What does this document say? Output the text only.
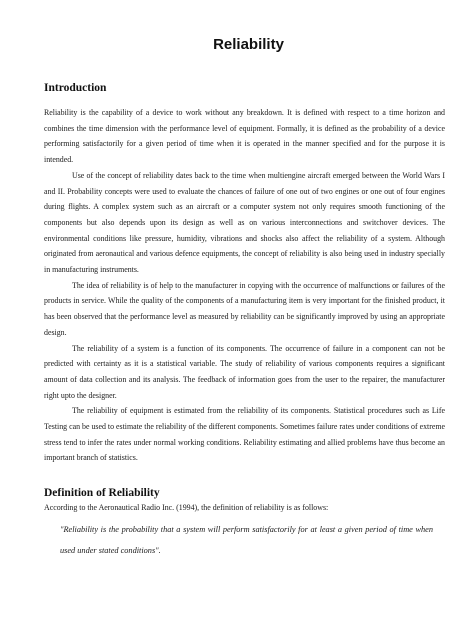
Reliability
Introduction

Reliability is the capability of a device to work without any breakdown. It is defined with respect to a time horizon and combines the time dimension with the performance level of equipment. Formally, it is defined as the probability of a device performing satisfactorily for a given period of time when it is operated in the manner specified and for the purpose it is intended.

Use of the concept of reliability dates back to the time when multiengine aircraft emerged between the World Wars I and II. Probability concepts were used to evaluate the chances of failure of one out of two engines or one out of four engines during flights. A complex system such as an aircraft or a computer system not only requires smooth functioning of the components but also depends upon its design as well as on various interconnections and switchover devices. The environmental conditions like pressure, humidity, vibrations and shocks also affect the reliability of a system. Although originated from aeronautical and various defence equipments, the concept of reliability is also being used in industry specially in manufacturing instruments.

The idea of reliability is of help to the manufacturer in copying with the occurrence of malfunctions or failures of the products in service. While the quality of the components of a manufacturing item is very important for the finished product, it has been observed that the performance level as measured by reliability can be significantly improved by using an appropriate design.

The reliability of a system is a function of its components. The occurrence of failure in a component can not be predicted with certainty as it is a statistical variable. The study of reliability of various components requires a significant amount of data collection and its analysis. The feedback of information goes from the user to the repairer, the manufacturer right upto the designer.

The reliability of equipment is estimated from the reliability of its components. Statistical procedures such as Life Testing can be used to estimate the reliability of the different components. Sometimes failure rates under conditions of extreme stress tend to infer the rates under normal working conditions. Reliability estimating and allied problems have thus become an important branch of statistics.

Definition of Reliability

According to the Aeronautical Radio Inc. (1994), the definition of reliability is as follows:

"Reliability is the probability that a system will perform satisfactorily for at least a given period of time when used under stated conditions".
